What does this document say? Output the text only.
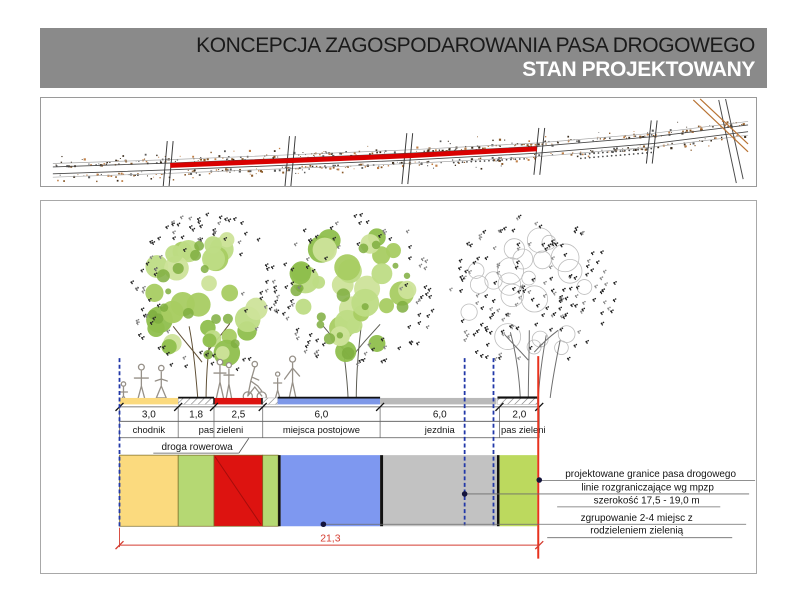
KONCEPCJA ZAGOSPODAROWANIA PASA DROGOWEGO
STAN PROJEKTOWANY
3,0	1,8	2,5	6,0	6,0	2,0
chodnik	pas zieleni	miejsca postojowe	jezdnia	pas zieleni
droga rowerowa
projektowane granice pasa drogowego
linie rozgraniczające wg mpzp
szerokość 17,5 - 19,0 m
zgrupowanie 2-4 miejsc z
rodzieleniem zielenią
21,3
